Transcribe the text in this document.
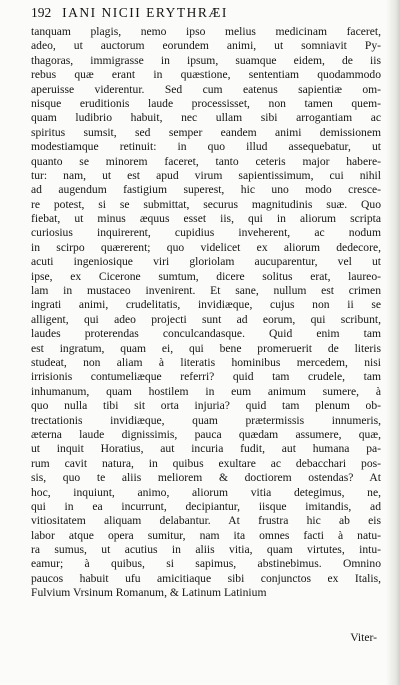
192 IANI NICII ERYTHRÆI
tanquam plagis, nemo ipso melius medicinam faceret,
adeo, ut auctorum eorundem animi, ut somniavit Py-
thagoras, immigrasse in ipsum, suamque eidem, de iis
rebus quæ erant in quæstione, sententiam quodammodo
aperuisse viderentur. Sed cum eatenus sapientiæ om-
nisque eruditionis laude processisset, non tamen quem-
quam ludibrio habuit, nec ullam sibi arrogantiam ac
spiritus sumsit, sed semper eandem animi demissionem
modestiamque retinuit: in quo illud assequebatur, ut
quanto se minorem faceret, tanto ceteris major habere-
tur: nam, ut est apud virum sapientissimum, cui nihil
ad augendum fastigium superest, hic uno modo cresce-
re potest, si se submittat, securus magnitudinis suæ. Quo
fiebat, ut minus æquus esset iis, qui in aliorum scripta
curiosius inquirerent, cupidius inveherent, ac nodum
in scirpo quærerent; quo videlicet ex aliorum dedecore,
acuti ingeniosique viri gloriolam aucuparentur, vel ut
ipse, ex Cicerone sumtum, dicere solitus erat, laureo-
lam in mustaceo invenirent. Et sane, nullum est crimen
ingrati animi, crudelitatis, invidiæque, cujus non ii se
alligent, qui adeo projecti sunt ad eorum, qui scribunt,
laudes proterendas conculcandasque. Quid enim tam
est ingratum, quam ei, qui bene promeruerit de literis
studeat, non aliam à literatis hominibus mercedem, nisi
irrisionis contumeliæque referri? quid tam crudele, tam
inhumanum, quam hostilem in eum animum sumere, à
quo nulla tibi sit orta injuria? quid tam plenum ob-
trectationis invidiæque, quam prætermissis innumeris,
æterna laude dignissimis, pauca quædam assumere, quæ,
ut inquit Horatius, aut incuria fudit, aut humana pa-
rum cavit natura, in quibus exultare ac debacchari pos-
sis, quo te aliis meliorem & doctiorem ostendas? At
hoc, inquiunt, animo, aliorum vitia detegimus, ne,
qui in ea incurrunt, decipiantur, iisque imitandis, ad
vitiositatem aliquam delabantur. At frustra hic ab eis
labor atque opera sumitur, nam ita omnes facti à natu-
ra sumus, ut acutius in aliis vitia, quam virtutes, intu-
eamur; à quibus, si sapimus, abstinebimus. Omnino
paucos habuit ufu amicitiaque sibi conjunctos ex Italis,
Fulvium Vrsinum Romanum, & Latinum Latinium
Viter-
